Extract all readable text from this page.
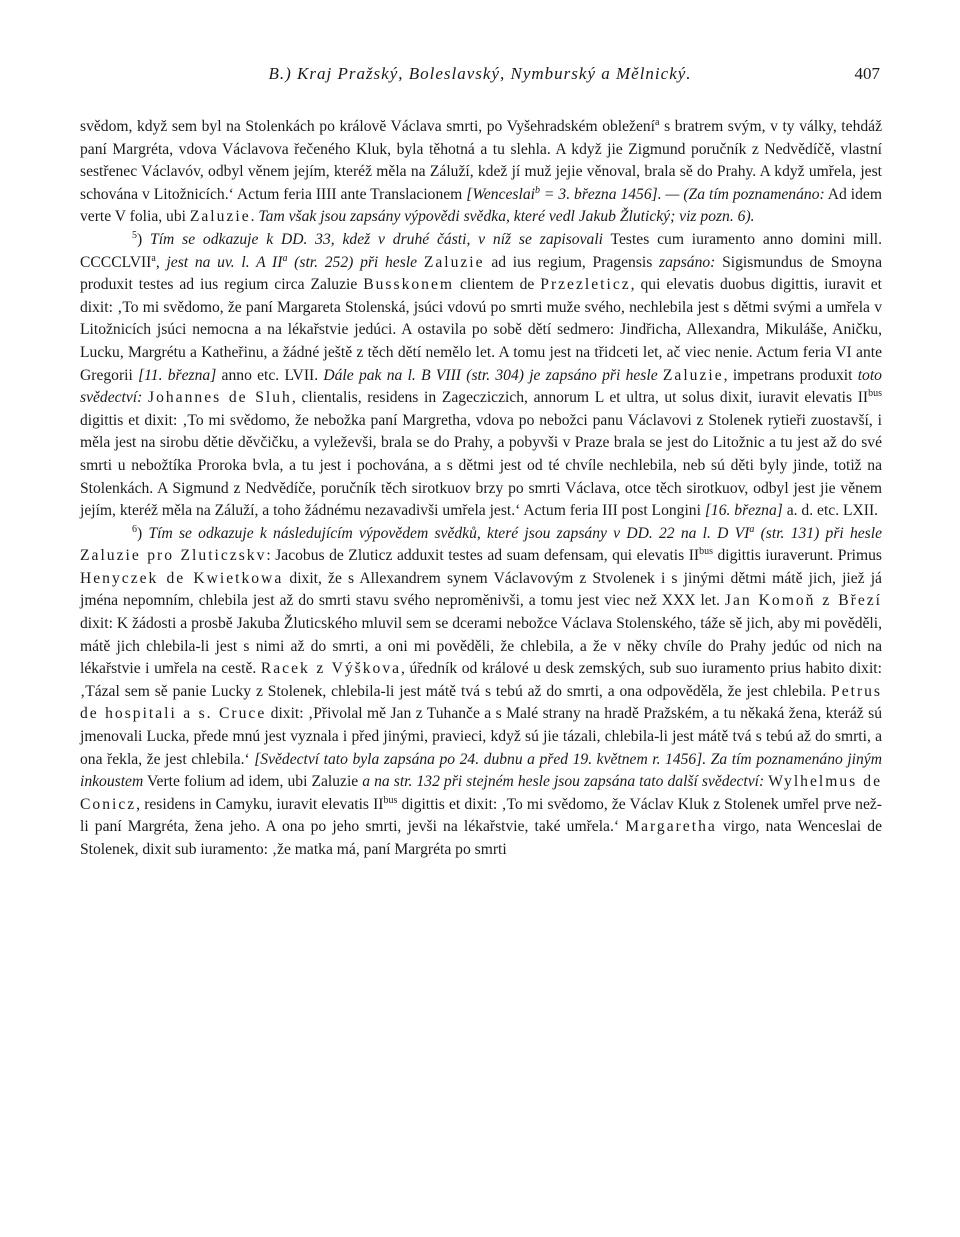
B.) Kraj Pražský, Boleslavský, Nymburský a Mělnický.	407

svědom, když sem byl na Stolenkách po královĕ Václava smrti, po Vyšehradském obležení$^a$ s bratrem svým, v ty války, tehdáž paní Margréta, vdova Václavova řečeného Kluk, byla těhotná a tu slehla. A když jie Zigmund poručník z Nedvědíčě, vlastní sestřenec Václavóv, odbyl věnem jejím, kteréž měla na Záluží, kdež jí muž jejie věnoval, brala sě do Prahy. A když umřela, jest schována v Litožnicích.‘ Actum feria IIII ante Translacionem [Wenceslai$^b$ = 3. března 1456]. — (Za tím poznamenáno: Ad idem verte V folia, ubi Zaluzie. Tam však jsou zapsány výpovědi svědka, které vedl Jakub Žlutický; viz pozn. 6).

$^5$) Tím se odkazuje k DD. 33, kdež v druhé části, v níž se zapisovali Testes cum iuramento anno domini mill. CCCCLVII$^a$, jest na uv. l. A $II^a$ (str. 252) při hesle Zaluzie ad ius regium, Pragensis zapsáno: Sigismundus de Smoyna produxit testes ad ius regium circa Zaluzie Busskonem clientem de Przezleticz, qui elevatis duobus digittis, iuravit et dixit: ‚To mi svědomo, že paní Margareta Stolenská, jsúci vdovú po smrti muže svého, nechlebila jest s dětmi svými a umřela v Litožnicích jsúci nemocna a na lékařstvie jedúci. A ostavila po sobě dětí sedmero: Jindřicha, Allexandra, Mikuláše, Aničku, Lucku, Margrétu a Katheřinu, a žádné ještě z těch dětí nemělo let. A tomu jest na třidceti let, ač viec nenie. Actum feria VI ante Gregorii [11. března] anno etc. LVII. Dále pak na l. B VIII (str. 304) je zapsáno při hesle Zaluzie, impetrans produxit toto svědectví: Johannes de Sluh, clientalis, residens in Zagecziczich, annorum L et ultra, ut solus dixit, iuravit elevatis $II^{bus}$ digittis et dixit: ‚To mi svědomo, že nebožka paní Margretha, vdova po nebožci panu Václavovi z Stolenek rytieři zuostavší, i měla jest na sirobu dětie děvčičku, a vyleževši, brala se do Prahy, a pobyvši v Praze brala se jest do Litožnic a tu jest až do své smrti u nebožtíka Proroka bvla, a tu jest i pochována, a s dětmi jest od té chvíle nechlebila, neb sú děti byly jinde, totiž na Stolenkách. A Sigmund z Nedvědíče, poručník těch sirotkuov brzy po smrti Václava, otce těch sirotkuov, odbyl jest jie věnem jejím, kteréž měla na Záluží, a toho žádnému nezavadivši umřela jest.‘ Actum feria III post Longini [16. března] a. d. etc. LXII.

$^6$) Tím se odkazuje k následujícím výpovědem svědků, které jsou zapsány v DD. 22 na l. D $VI^a$ (str. 131) při hesle Zaluzie pro Zluticzskv: Jacobus de Zluticz adduxit testes ad suam defensam, qui elevatis $II^{bus}$ digittis iuraverunt. Primus Henyczek de Kwietkowa dixit, že s Allexandrem synem Václavovým z Stvolenek i s jinými dětmi mátě jich, jiež já jména nepomním, chlebila jest až do smrti stavu svého nepromĕnivši, a tomu jest viec než XXX let. Jan Komoň z Březí dixit: K žádosti a prosbě Jakuba Žluticského mluvil sem se dcerami nebožce Václava Stolenského, táže sě jich, aby mi pověděli, mátě jich chlebila-li jest s nimi až do smrti, a oni mi pověděli, že chlebila, a že v něky chvíle do Prahy jedúc od nich na lékařstvie i umřela na cestě. Racek z Výškova, úředník od králové u desk zemských, sub suo iuramento prius habito dixit: ‚Tázal sem sě panie Lucky z Stolenek, chlebila-li jest mátě tvá s tebú až do smrti, a ona odpověděla, že jest chlebila. Petrus de hospitali a s. Cruce dixit: ‚Přivolal mě Jan z Tuhanče a s Malé strany na hradě Pražském, a tu někaká žena, kteráž sú jmenovali Lucka, přede mnú jest vyznala i před jinými, pravieci, když sú jie tázali, chlebila-li jest mátě tvá s tebú až do smrti, a ona řekla, že jest chlebila.‘ [Svědectví tato byla zapsána po 24. dubnu a před 19. květnem r. 1456]. Za tím poznamenáno jiným inkoustem Verte folium ad idem, ubi Zaluzie a na str. 132 při stejném hesle jsou zapsána tato další svědectví: Wylhelmus de Conicz, residens in Camyku, iuravit elevatis $II^{bus}$ digittis et dixit: ‚To mi svědomo, že Václav Kluk z Stolenek umřel prve než-li paní Margréta, žena jeho. A ona po jeho smrti, jevši na lékařstvie, také umřela.‘ Margaretha virgo, nata Wenceslai de Stolenek, dixit sub iuramento: ‚že matka má, paní Margréta po smrti
